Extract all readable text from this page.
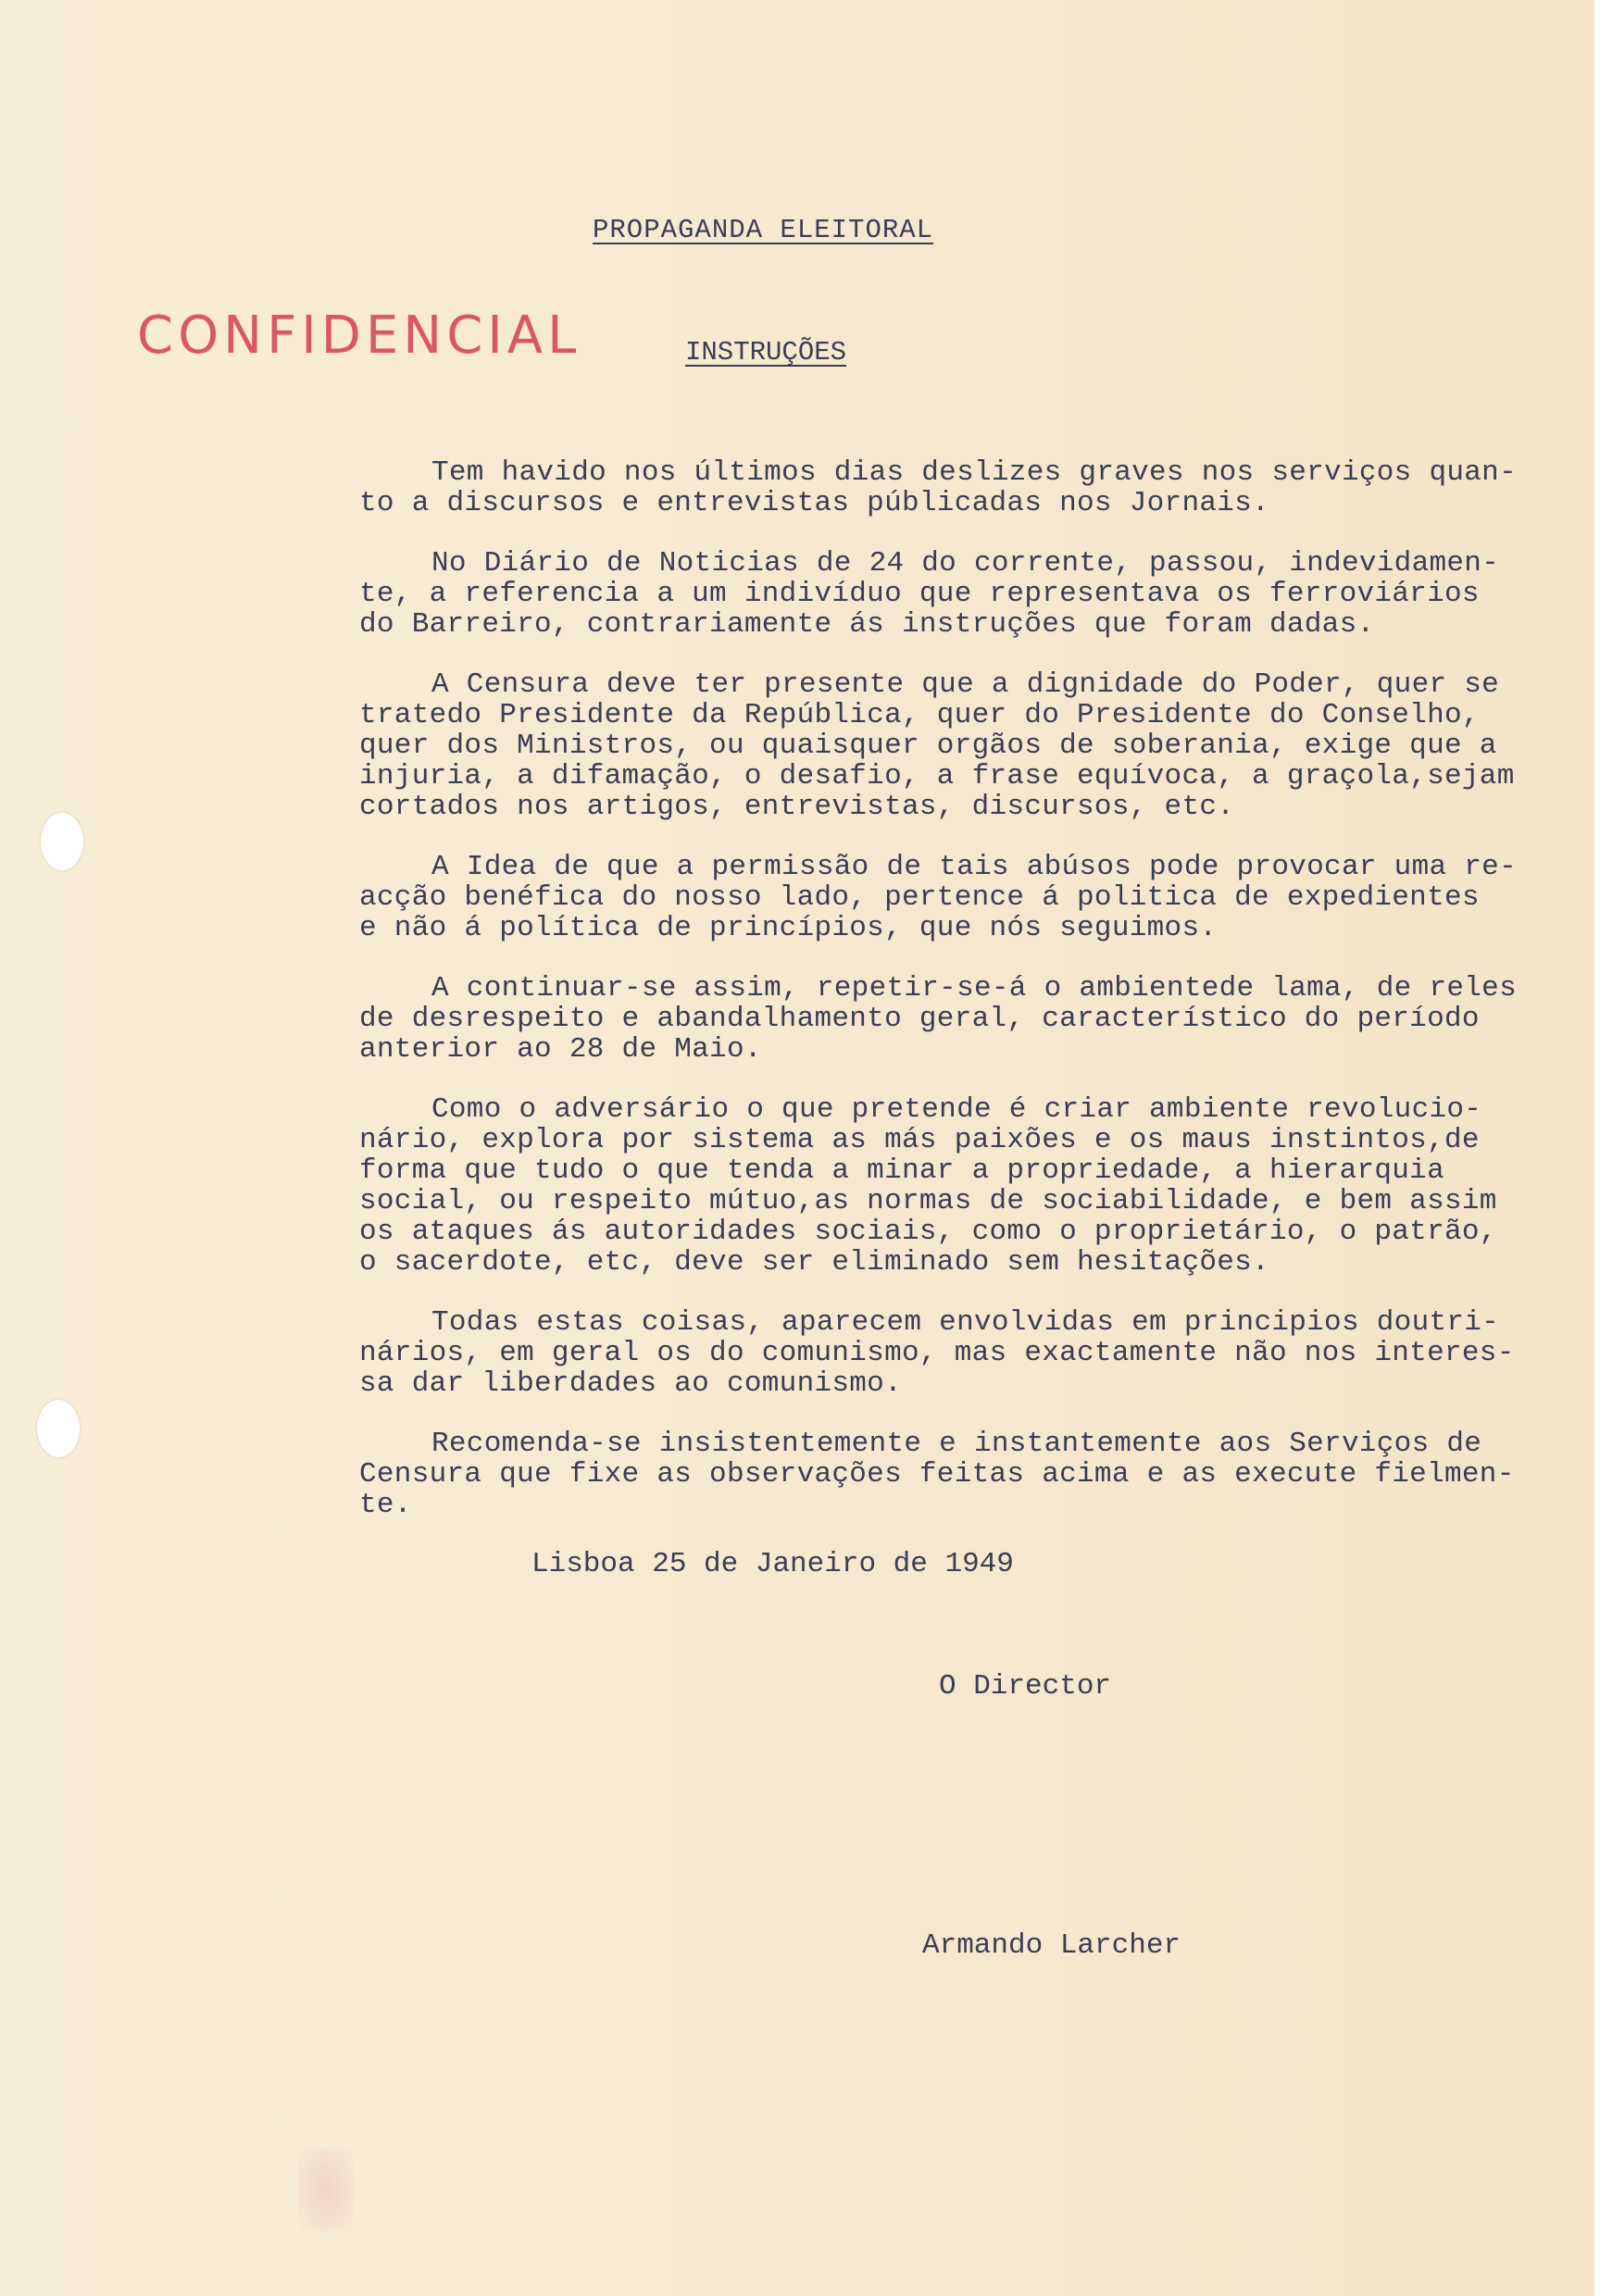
PROPAGANDA ELEITORAL
CONFIDENCIAL	INSTRUÇÕES
Tem havido nos últimos dias deslizes graves nos serviços quan-
to a discursos e entrevistas públicadas nos Jornais.
No Diário de Noticias de 24 do corrente, passou, indevidamen-
te, a referencia a um indivíduo que representava os ferroviários
do Barreiro, contrariamente ás instruções que foram dadas.
A Censura deve ter presente que a dignidade do Poder, quer se
tratedo Presidente da República, quer do Presidente do Conselho,
quer dos Ministros, ou quaisquer orgãos de soberania, exige que a
injuria, a difamação, o desafio, a frase equívoca, a graçola,sejam
cortados nos artigos, entrevistas, discursos, etc.
A Idea de que a permissão de tais abúsos pode provocar uma re-
acção benéfica do nosso lado, pertence á politica de expedientes
e não á política de princípios, que nós seguimos.
A continuar-se assim, repetir-se-á o ambientede lama, de reles
de desrespeito e abandalhamento geral, característico do período
anterior ao 28 de Maio.
Como o adversário o que pretende é criar ambiente revolucio-
nário, explora por sistema as más paixões e os maus instintos,de
forma que tudo o que tenda a minar a propriedade, a hierarquia
social, ou respeito mútuo,as normas de sociabilidade, e bem assim
os ataques ás autoridades sociais, como o proprietário, o patrão,
o sacerdote, etc, deve ser eliminado sem hesitações.
Todas estas coisas, aparecem envolvidas em principios doutri-
nários, em geral os do comunismo, mas exactamente não nos interes-
sa dar liberdades ao comunismo.
Recomenda-se insistentemente e instantemente aos Serviços de
Censura que fixe as observações feitas acima e as execute fielmen-
te.
Lisboa 25 de Janeiro de 1949
O Director
Armando Larcher
